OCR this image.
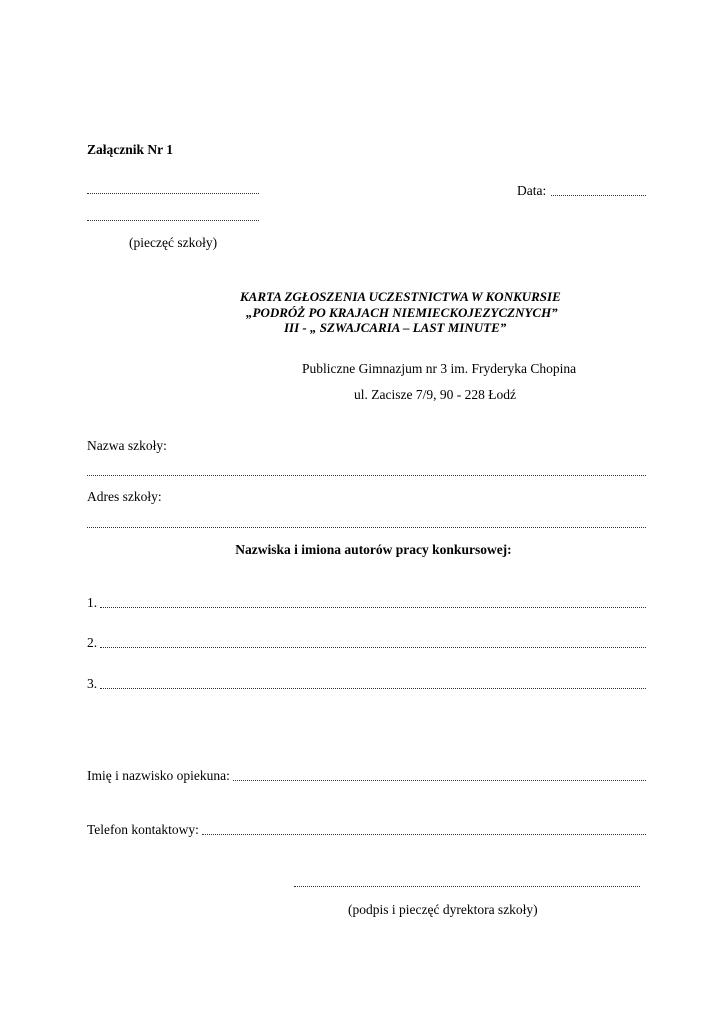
Załącznik Nr 1
Data:
(pieczęć szkoły)
KARTA ZGŁOSZENIA UCZESTNICTWA W KONKURSIE
„PODRÓŻ PO KRAJACH NIEMIECKOJEZYCZNYCH”
III - „ SZWAJCARIA – LAST MINUTE”
Publiczne Gimnazjum nr 3 im. Fryderyka Chopina
ul. Zacisze 7/9, 90 - 228 Łodź
Nazwa szkoły:
Adres szkoły:
Nazwiska i imiona autorów pracy konkursowej:
1.
2.
3.
Imię i nazwisko opiekuna:
Telefon kontaktowy:
(podpis i pieczęć dyrektora szkoły)
